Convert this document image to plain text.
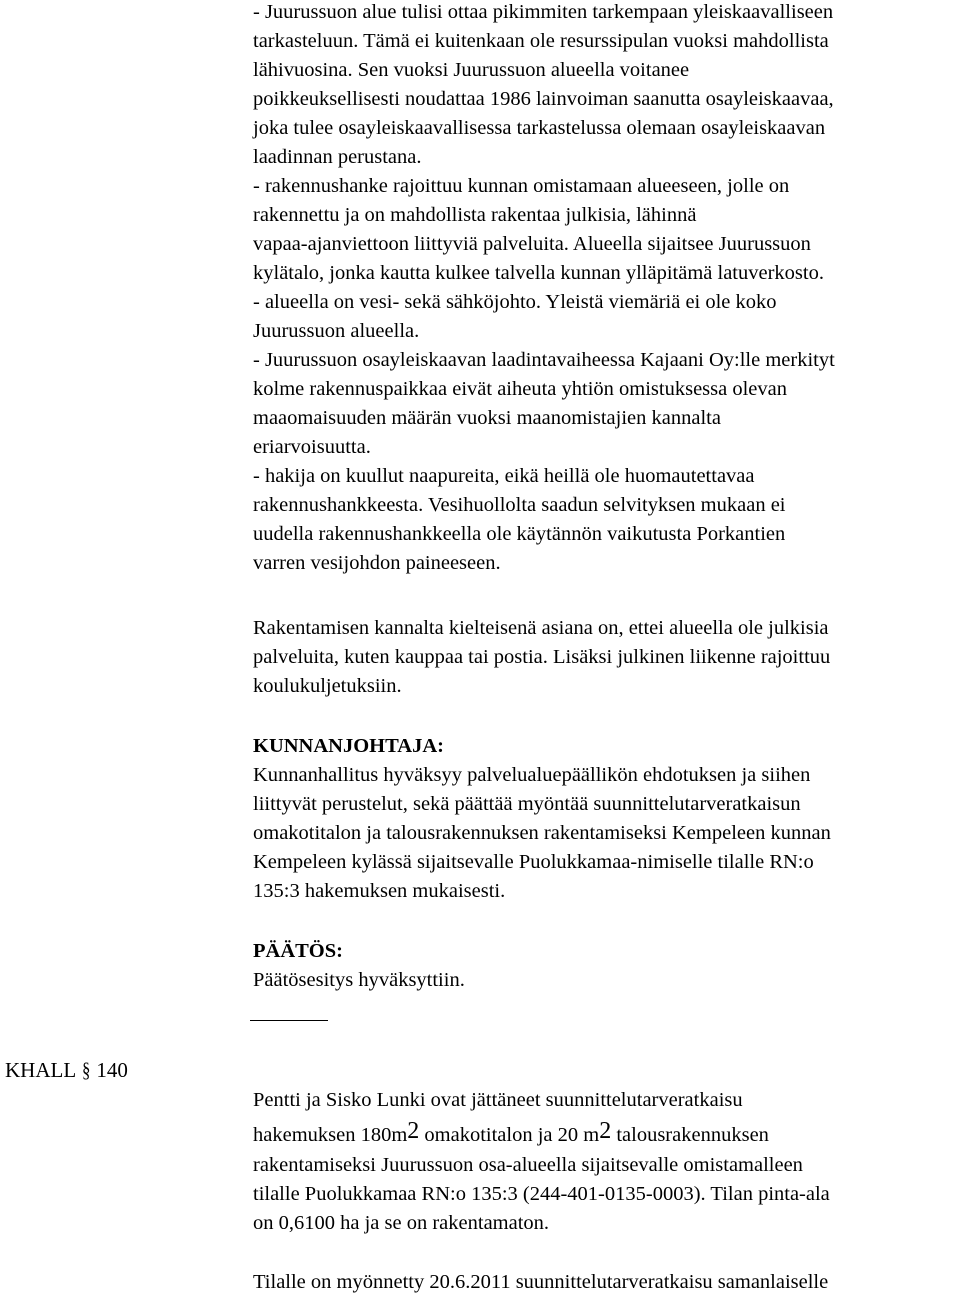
- Juurussuon alue tulisi ottaa pikimmiten tarkempaan yleiskaavalliseen
tarkasteluun. Tämä ei kuitenkaan ole resurssipulan vuoksi mahdollista
lähivuosina. Sen vuoksi Juurussuon alueella voitanee
poikkeuksellisesti noudattaa 1986 lainvoiman saanutta osayleiskaavaa,
joka tulee osayleiskaavallisessa tarkastelussa olemaan osayleiskaavan
laadinnan perustana.
- rakennushanke rajoittuu kunnan omistamaan alueeseen, jolle on
rakennettu ja on mahdollista rakentaa julkisia, lähinnä
vapaa-ajanviettoon liittyviä palveluita. Alueella sijaitsee Juurussuon
kylätalo, jonka kautta kulkee talvella kunnan ylläpitämä latuverkosto.
- alueella on vesi- sekä sähköjohto. Yleistä viemäriä ei ole koko
Juurussuon alueella.
- Juurussuon osayleiskaavan laadintavaiheessa Kajaani Oy:lle merkityt
kolme rakennuspaikkaa eivät aiheuta yhtiön omistuksessa olevan
maaomaisuuden määrän vuoksi maanomistajien kannalta
eriarvoisuutta.
- hakija on kuullut naapureita, eikä heillä ole huomautettavaa
rakennushankkeesta. Vesihuollolta saadun selvityksen mukaan ei
uudella rakennushankkeella ole käytännön vaikutusta Porkantien
varren vesijohdon paineeseen.
Rakentamisen kannalta kielteisenä asiana on, ettei alueella ole julkisia
palveluita, kuten kauppaa tai postia. Lisäksi julkinen liikenne rajoittuu
koulukuljetuksiin.
KUNNANJOHTAJA:
Kunnanhallitus hyväksyy palvelualuepäällikön ehdotuksen ja siihen
liittyvät perustelut, sekä päättää myöntää suunnittelutarveratkaisun
omakotitalon ja talousrakennuksen rakentamiseksi Kempeleen kunnan
Kempeleen kylässä sijaitsevalle Puolukkamaa-nimiselle tilalle RN:o
135:3 hakemuksen mukaisesti.
PÄÄTÖS:
Päätösesitys hyväksyttiin.
KHALL § 140
Pentti ja Sisko Lunki ovat jättäneet suunnittelutarveratkaisu
hakemuksen 180m2 omakotitalon ja 20 m2 talousrakennuksen
rakentamiseksi Juurussuon osa-alueella sijaitsevalle omistamalleen
tilalle Puolukkamaa RN:o 135:3 (244-401-0135-0003). Tilan pinta-ala
on 0,6100 ha ja se on rakentamaton.
Tilalle on myönnetty 20.6.2011 suunnittelutarveratkaisu samanlaiselle
